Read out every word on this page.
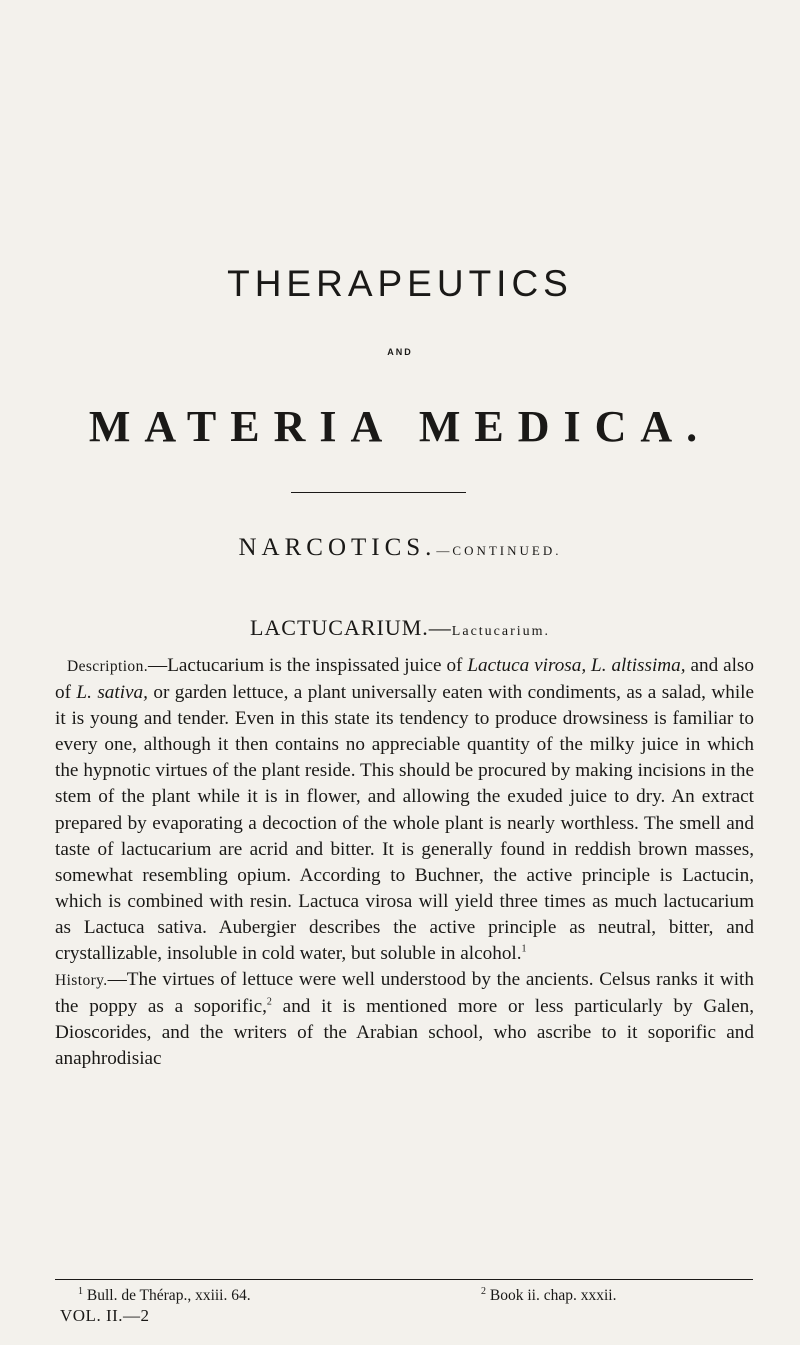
THERAPEUTICS
AND
MATERIA MEDICA.
NARCOTICS.—CONTINUED.
LACTUCARIUM.—Lactucarium.

Description.—Lactucarium is the inspissated juice of Lactuca virosa, L. altissima, and also of L. sativa, or garden lettuce, a plant universally eaten with condiments, as a salad, while it is young and tender. Even in this state its tendency to produce drowsiness is familiar to every one, although it then contains no appreciable quantity of the milky juice in which the hypnotic virtues of the plant reside. This should be procured by making incisions in the stem of the plant while it is in flower, and allowing the exuded juice to dry. An extract prepared by evaporating a decoction of the whole plant is nearly worthless. The smell and taste of lactucarium are acrid and bitter. It is generally found in reddish brown masses, somewhat resembling opium. According to Buchner, the active principle is Lactucin, which is combined with resin. Lactuca virosa will yield three times as much lactucarium as Lactuca sativa. Aubergier describes the active principle as neutral, bitter, and crystallizable, insoluble in cold water, but soluble in alcohol.$^1$

History.—The virtues of lettuce were well understood by the ancients. Celsus ranks it with the poppy as a soporific,$^2$ and it is mentioned more or less particularly by Galen, Dioscorides, and the writers of the Arabian school, who ascribe to it soporific and anaphrodisiac

$^1$ Bull. de Thérap., xxiii. 64.	$^2$ Book ii. chap. xxxii.
VOL. II.—2
